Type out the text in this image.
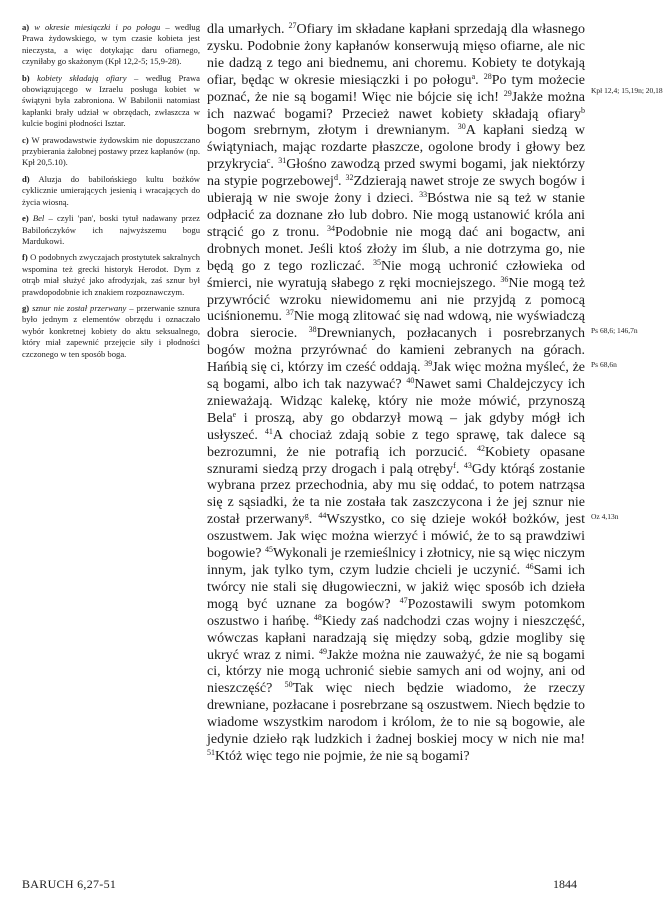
a) w okresie miesiączki i po połogu – według Prawa żydowskiego, w tym czasie kobieta jest nieczysta, a więc dotykając daru ofiarnego, czyniłaby go skażonym (Kpł 12,2-5; 15,9-28).

b) kobiety składają ofiary – według Prawa obowiązującego w Izraelu posługa kobiet w świątyni była zabroniona. W Babilonii natomiast kapłanki brały udział w obrzędach, zwłaszcza w kulcie bogini płodności Isztar.

c) W prawodawstwie żydowskim nie dopuszczano przybierania żałobnej postawy przez kapłanów (np. Kpł 20,5.10).

d) Aluzja do babilońskiego kultu bożków cyklicznie umierających jesienią i wracających do życia wiosną.

e) Bel – czyli 'pan', boski tytuł nadawany przez Babilończyków ich najwyższemu bogu Mardukowi.

f) O podobnych zwyczajach prostytutek sakralnych wspomina też grecki historyk Herodot. Dym z otrąb miał służyć jako afrodyzjak, zaś sznur był prawdopodobnie ich znakiem rozpoznawczym.

g) sznur nie został przerwany – przerwanie sznura było jednym z elementów obrzędu i oznaczało wybór konkretnej kobiety do aktu seksualnego, który miał zapewnić przejęcie siły i płodności czczonego w ten sposób boga.

dla umarłych. $^{27}$Ofiary im składane kapłani sprzedają dla własnego zysku. Podobnie żony kapłanów konserwują mięso ofiarne, ale nic nie dadzą z tego ani biednemu, ani choremu. Kobiety te dotykają ofiar, będąc w okresie miesiączki i po połogu$^a$. $^{28}$Po tym możecie poznać, że nie są bogami! Więc nie bójcie się ich! $^{29}$Jakże można ich nazwać bogami? Przecież nawet kobiety składają ofiary$^b$ bogom srebrnym, złotym i drewnianym. $^{30}$A kapłani siedzą w świątyniach, mając rozdarte płaszcze, ogolone brody i głowy bez przykrycia$^c$. $^{31}$Głośno zawodzą przed swymi bogami, jak niektórzy na stypie pogrzebowej$^d$. $^{32}$Zdzierają nawet stroje ze swych bogów i ubierają w nie swoje żony i dzieci. $^{33}$Bóstwa nie są też w stanie odpłacić za doznane zło lub dobro. Nie mogą ustanowić króla ani strącić go z tronu. $^{34}$Podobnie nie mogą dać ani bogactw, ani drobnych monet. Jeśli ktoś złoży im ślub, a nie dotrzyma go, nie będą go z tego rozliczać. $^{35}$Nie mogą uchronić człowieka od śmierci, nie wyratują słabego z ręki mocniejszego. $^{36}$Nie mogą też przywrócić wzroku niewidomemu ani nie przyjdą z pomocą uciśnionemu. $^{37}$Nie mogą zlitować się nad wdową, nie wyświadczą dobra sierocie. $^{38}$Drewnianych, pozłacanych i posrebrzanych bogów można przyrównać do kamieni zebranych na górach. Hańbią się ci, którzy im cześć oddają. $^{39}$Jak więc można myśleć, że są bogami, albo ich tak nazywać? $^{40}$Nawet sami Chaldejczycy ich znieważają. Widząc kalekę, który nie może mówić, przynoszą Bela$^e$ i proszą, aby go obdarzył mową – jak gdyby mógł ich usłyszeć. $^{41}$A chociaż zdają sobie z tego sprawę, tak dalece są bezrozumni, że nie potrafią ich porzucić. $^{42}$Kobiety opasane sznurami siedzą przy drogach i palą otręby$^f$. $^{43}$Gdy którąś zostanie wybrana przez przechodnia, aby mu się oddać, to potem natrząsa się z sąsiadki, że ta nie została tak zaszczycona i że jej sznur nie został przerwany$^g$. $^{44}$Wszystko, co się dzieje wokół bożków, jest oszustwem. Jak więc można wierzyć i mówić, że to są prawdziwi bogowie? $^{45}$Wykonali je rzemieślnicy i złotnicy, nie są więc niczym innym, jak tylko tym, czym ludzie chcieli je uczynić. $^{46}$Sami ich twórcy nie stali się długowieczni, w jakiż więc sposób ich dzieła mogą być uznane za bogów? $^{47}$Pozostawili swym potomkom oszustwo i hańbę. $^{48}$Kiedy zaś nadchodzi czas wojny i nieszczęść, wówczas kapłani naradzają się między sobą, gdzie mogliby się ukryć wraz z nimi. $^{49}$Jakże można nie zauważyć, że nie są bogami ci, którzy nie mogą uchronić siebie samych ani od wojny, ani od nieszczęść? $^{50}$Tak więc niech będzie wiadomo, że rzeczy drewniane, pozłacane i posrebrzane są oszustwem. Niech będzie to wiadome wszystkim narodom i królom, że to nie są bogowie, ale jedynie dzieło rąk ludzkich i żadnej boskiej mocy w nich nie ma! $^{51}$Któż więc tego nie pojmie, że nie są bogami?
Kpł 12,4; 15,19n; 20,18
Ps 68,6; 146,7n
Ps 68,6n
Oz 4,13n
BARUCH 6,27-51	1844
